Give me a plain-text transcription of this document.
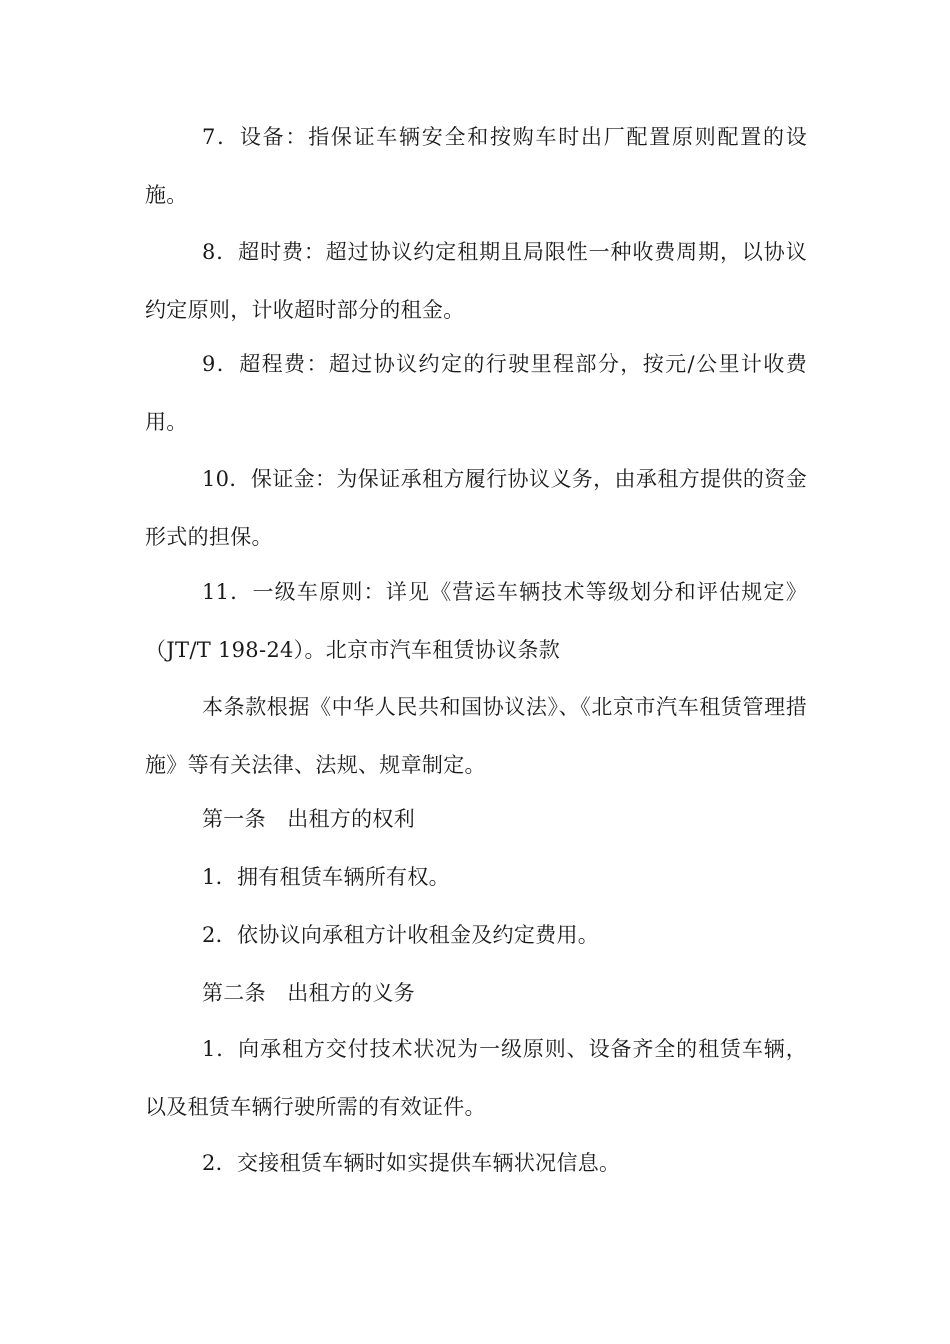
7．设备：指保证车辆安全和按购车时出厂配置原则配置的设施。

8．超时费：超过协议约定租期且局限性一种收费周期，以协议约定原则，计收超时部分的租金。

9．超程费：超过协议约定的行驶里程部分，按元/公里计收费用。

10．保证金：为保证承租方履行协议义务，由承租方提供的资金形式的担保。

11．一级车原则：详见《营运车辆技术等级划分和评估规定》（JT/T 198-24）。北京市汽车租赁协议条款

本条款根据《中华人民共和国协议法》、《北京市汽车租赁管理措施》等有关法律、法规、规章制定。

第一条　出租方的权利

1．拥有租赁车辆所有权。

2．依协议向承租方计收租金及约定费用。

第二条　出租方的义务

1．向承租方交付技术状况为一级原则、设备齐全的租赁车辆，以及租赁车辆行驶所需的有效证件。

2．交接租赁车辆时如实提供车辆状况信息。
